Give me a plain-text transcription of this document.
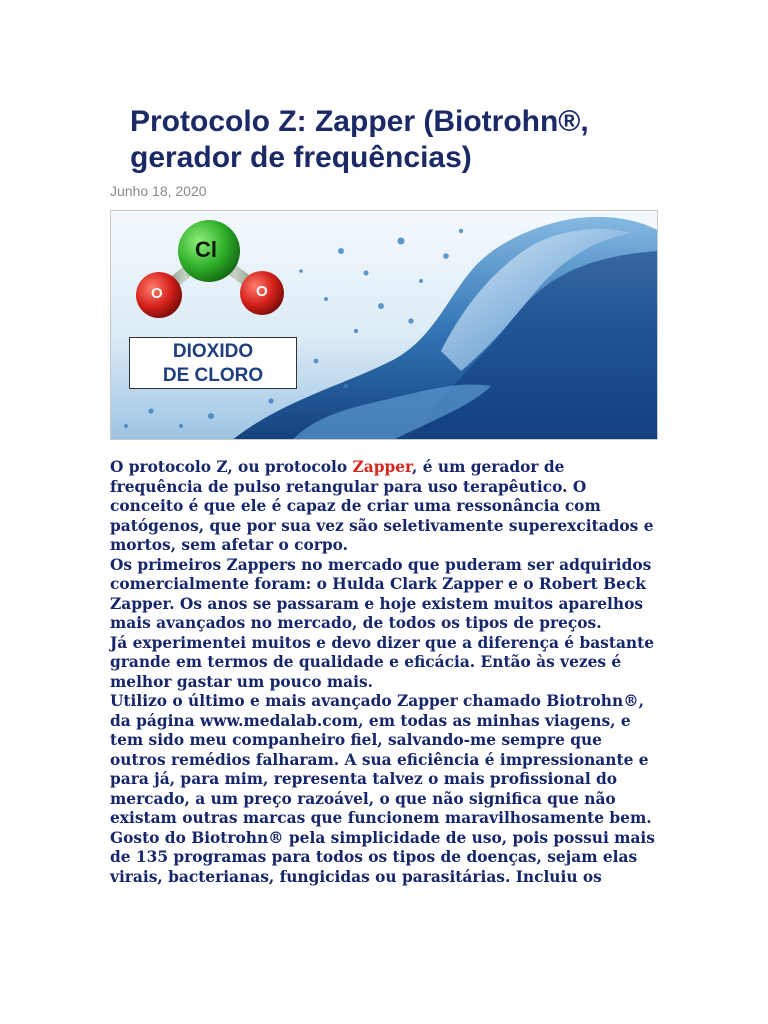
Protocolo Z: Zapper (Biotrohn®, gerador de frequências)
Junho 18, 2020
Cl
O	O
DIOXIDO
DE CLORO

O protocolo Z, ou protocolo Zapper, é um gerador de frequência de pulso retangular para uso terapêutico. O conceito é que ele é capaz de criar uma ressonância com patógenos, que por sua vez são seletivamente superexcitados e mortos, sem afetar o corpo.

Os primeiros Zappers no mercado que puderam ser adquiridos comercialmente foram: o Hulda Clark Zapper e o Robert Beck Zapper. Os anos se passaram e hoje existem muitos aparelhos mais avançados no mercado, de todos os tipos de preços.

Já experimentei muitos e devo dizer que a diferença é bastante grande em termos de qualidade e eficácia. Então às vezes é melhor gastar um pouco mais.

Utilizo o último e mais avançado Zapper chamado Biotrohn®, da página www.medalab.com, em todas as minhas viagens, e tem sido meu companheiro fiel, salvando-me sempre que outros remédios falharam. A sua eficiência é impressionante e para já, para mim, representa talvez o mais profissional do mercado, a um preço razoável, o que não significa que não existam outras marcas que funcionem maravilhosamente bem. Gosto do Biotrohn® pela simplicidade de uso, pois possui mais de 135 programas para todos os tipos de doenças, sejam elas virais, bacterianas, fungicidas ou parasitárias. Incluiu os
